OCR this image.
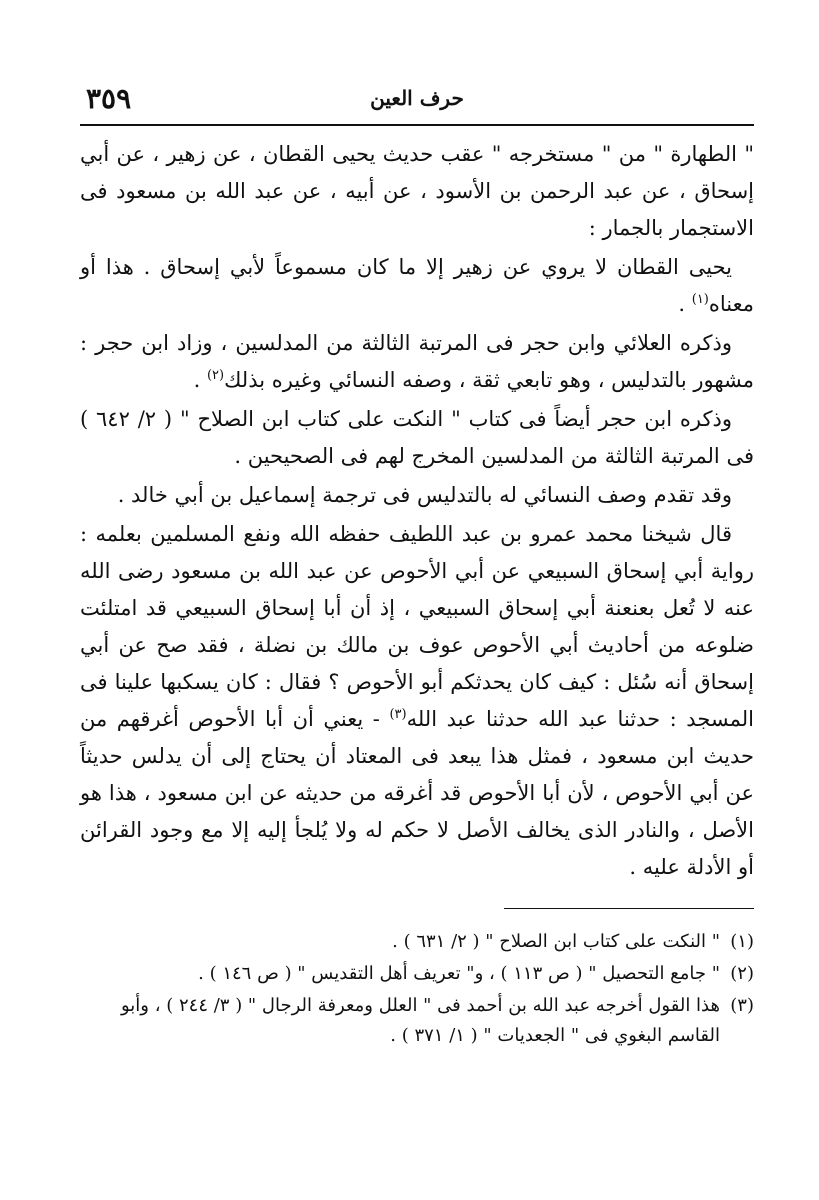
حرف العين
٣٥٩

" الطهارة " من " مستخرجه " عقب حديث يحيى القطان ، عن زهير ، عن أبي إسحاق ، عن عبد الرحمن بن الأسود ، عن أبيه ، عن عبد الله بن مسعود فى الاستجمار بالجمار :

يحيى القطان لا يروي عن زهير إلا ما كان مسموعاً لأبي إسحاق . هذا أو معناه$^{(١)}$ .

وذكره العلائي وابن حجر فى المرتبة الثالثة من المدلسين ، وزاد ابن حجر : مشهور بالتدليس ، وهو تابعي ثقة ، وصفه النسائي وغيره بذلك$^{(٢)}$ .

وذكره ابن حجر أيضاً فى كتاب " النكت على كتاب ابن الصلاح " ( ٢/ ٦٤٢ ) فى المرتبة الثالثة من المدلسين المخرج لهم فى الصحيحين .

وقد تقدم وصف النسائي له بالتدليس فى ترجمة إسماعيل بن أبي خالد .

قال شيخنا محمد عمرو بن عبد اللطيف حفظه الله ونفع المسلمين بعلمه : رواية أبي إسحاق السبيعي عن أبي الأحوص عن عبد الله بن مسعود رضى الله عنه لا تُعل بعنعنة أبي إسحاق السبيعي ، إذ أن أبا إسحاق السبيعي قد امتلئت ضلوعه من أحاديث أبي الأحوص عوف بن مالك بن نضلة ، فقد صح عن أبي إسحاق أنه سُئل : كيف كان يحدثكم أبو الأحوص ؟ فقال : كان يسكبها علينا فى المسجد : حدثنا عبد الله حدثنا عبد الله$^{(٣)}$ - يعني أن أبا الأحوص أغرقهم من حديث ابن مسعود ، فمثل هذا يبعد فى المعتاد أن يحتاج إلى أن يدلس حديثاً عن أبي الأحوص ، لأن أبا الأحوص قد أغرقه من حديثه عن ابن مسعود ، هذا هو الأصل ، والنادر الذى يخالف الأصل لا حكم له ولا يُلجأ إليه إلا مع وجود القرائن أو الأدلة عليه .

(١)
" النكت على كتاب ابن الصلاح " ( ٢/ ٦٣١ ) .
(٢)
" جامع التحصيل " ( ص ١١٣ ) ، و" تعريف أهل التقديس " ( ص ١٤٦ ) .
(٣)
هذا القول أخرجه عبد الله بن أحمد فى " العلل ومعرفة الرجال " ( ٣/ ٢٤٤ ) ، وأبو القاسم البغوي فى " الجعديات " ( ١/ ٣٧١ ) .
